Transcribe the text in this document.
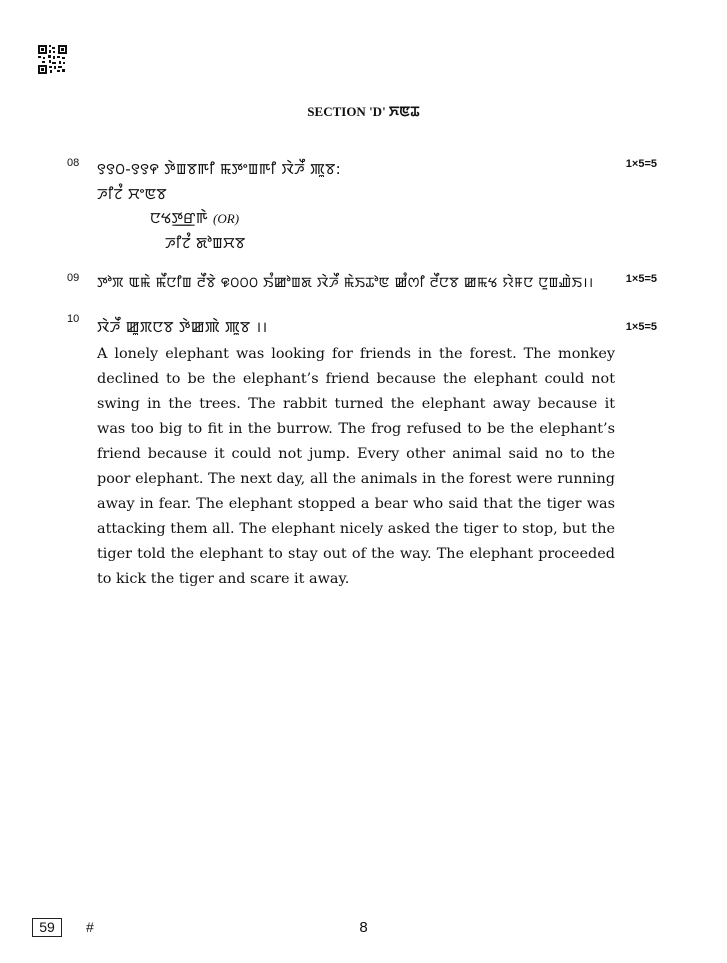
SECTION 'D' ꯈꯟꯊ
08 ꯱꯱꯰-꯱꯱꯵ ꯇꯥꯡꯕꯒꯤ ꯃꯇꯦꯡꯒꯤ ꯋꯥꯍꯩ ꯄꯨꯕ:	1×5=5
ꯍꯤꯖꯪ ꯆꯦꯟꯕ
ꯅꯠꯇ꯭ꯔꯒꯥ (OR)
ꯍꯤꯖꯪ ꯗꯣꯡꯆꯕ
09 ꯇꯣꯞ ꯑꯃꯥ ꯃꯩꯅꯤꯡ ꯂꯩꯕꯥ ꯶꯰꯰꯰ ꯏꯪꯀꯣꯡꯗ ꯋꯥꯍꯩ ꯃꯥꯏꯊꯣꯟ ꯀꯪꯁꯤ ꯂꯩꯅꯕ ꯀꯃꯠ ꯌꯥꯝꯅ ꯅꯨꯡꯉꯥꯏ।।	1×5=5
10 ꯋꯥꯍꯩ ꯀꯨꯞꯅꯕ ꯇꯥꯀꯄꯥ ꯄꯨꯕ ।।	1×5=5

A lonely elephant was looking for friends in the forest. The monkey declined to be the elephant’s friend because the elephant could not swing in the trees. The rabbit turned the elephant away because it was too big to fit in the burrow. The frog refused to be the elephant’s friend because it could not jump. Every other animal said no to the poor elephant. The next day, all the animals in the forest were running away in fear. The elephant stopped a bear who said that the tiger was attacking them all. The elephant nicely asked the tiger to stop, but the tiger told the elephant to stay out of the way. The elephant proceeded to kick the tiger and scare it away.

59	#	8
